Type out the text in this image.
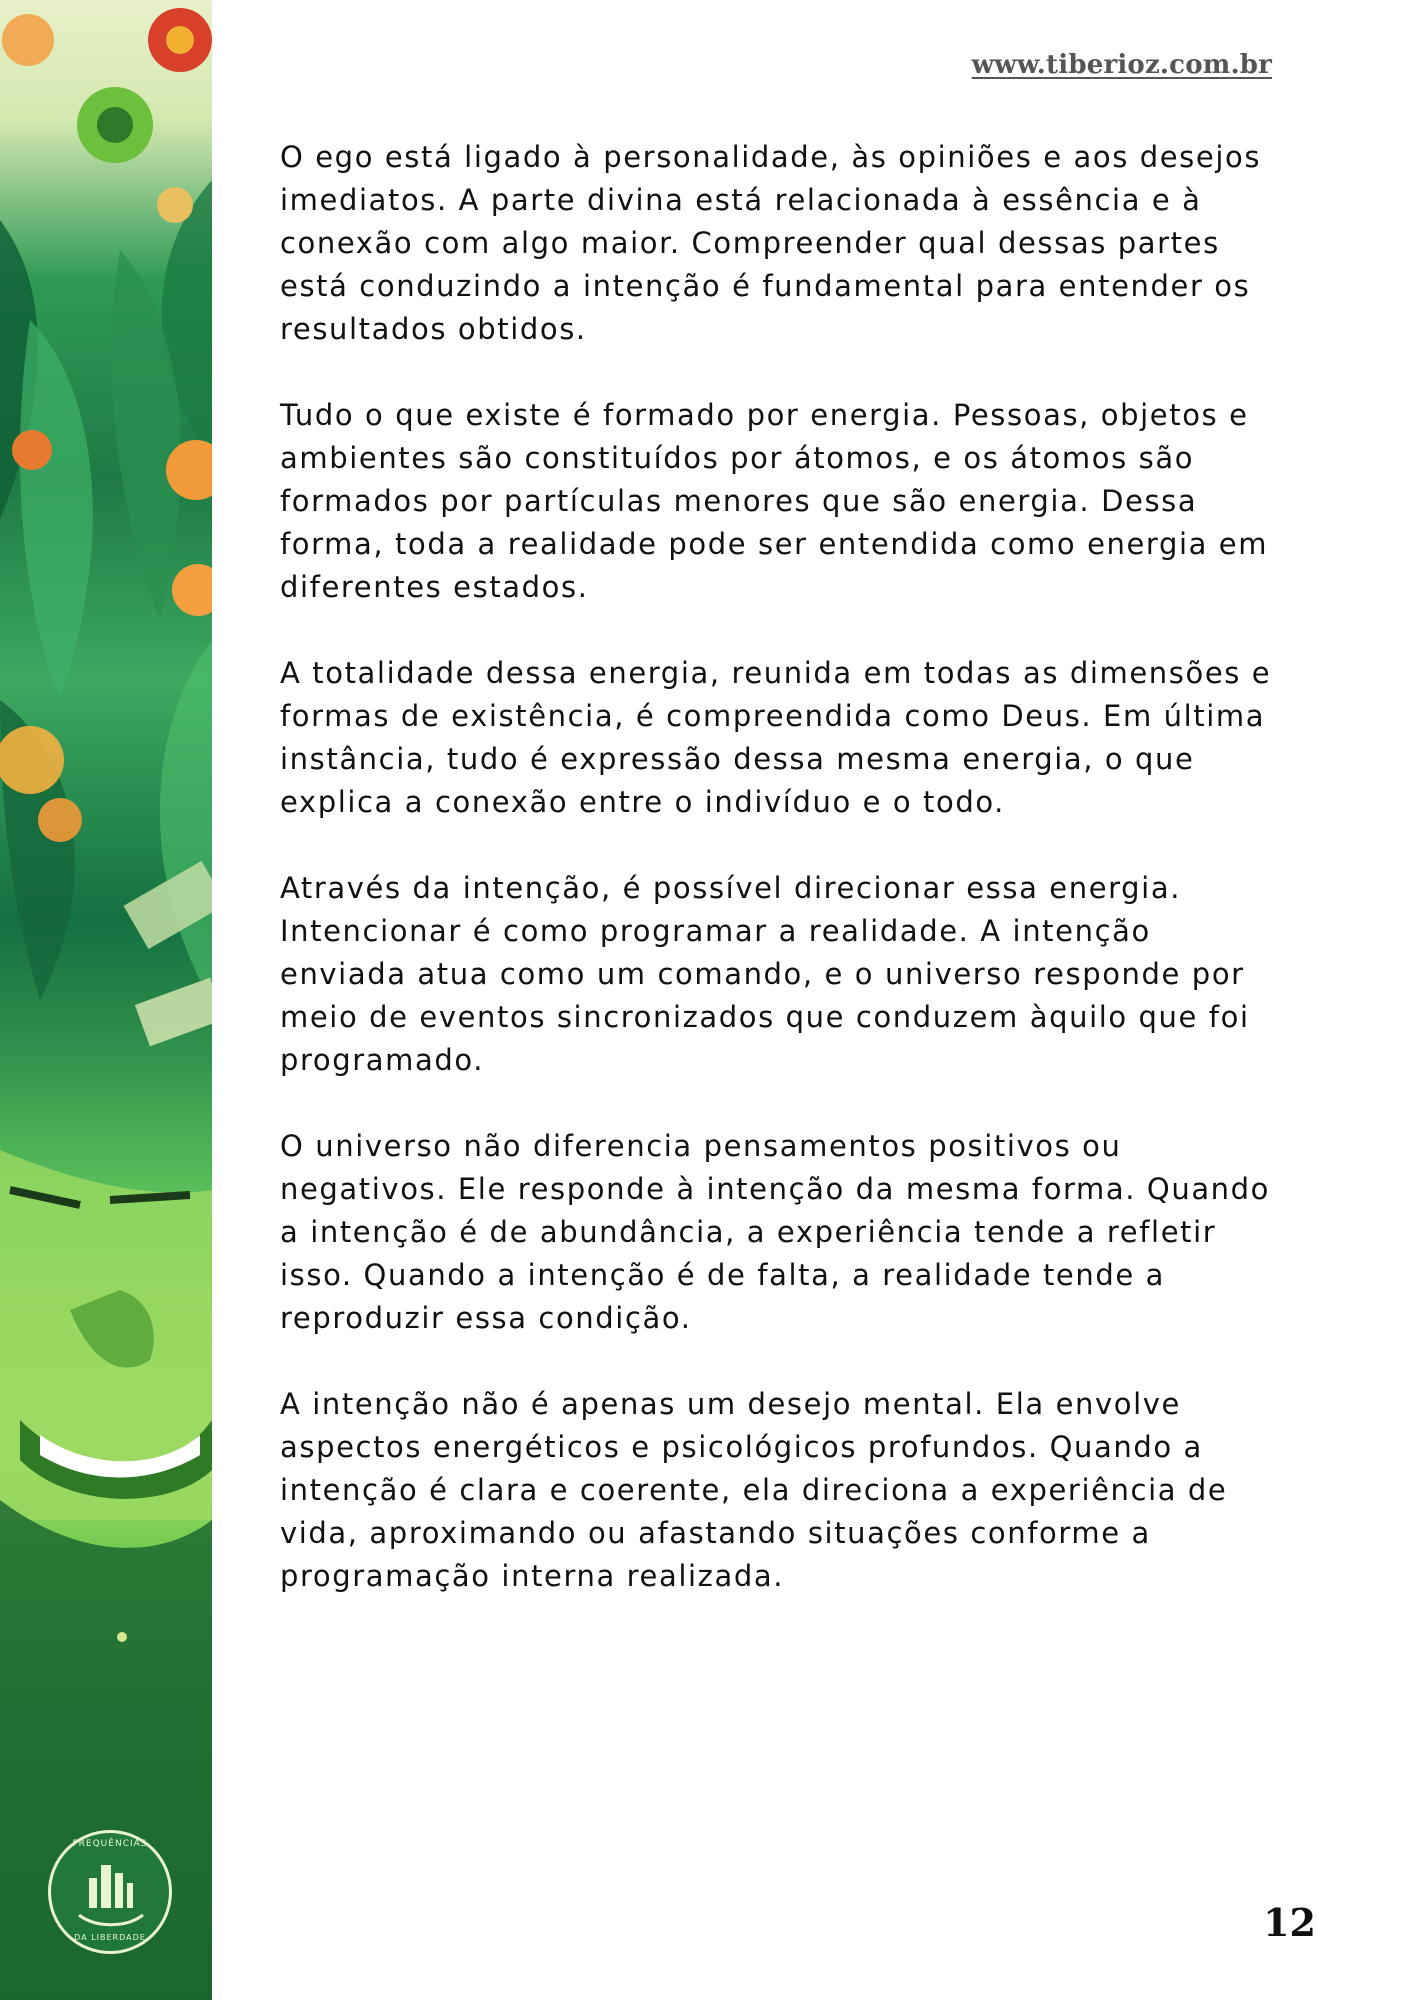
FREQUÊNCIAS
DA LIBERDADE
www.tiberioz.com.br

O ego está ligado à personalidade, às opiniões e aos desejos imediatos. A parte divina está relacionada à essência e à conexão com algo maior. Compreender qual dessas partes está conduzindo a intenção é fundamental para entender os resultados obtidos.

Tudo o que existe é formado por energia. Pessoas, objetos e ambientes são constituídos por átomos, e os átomos são formados por partículas menores que são energia. Dessa forma, toda a realidade pode ser entendida como energia em diferentes estados.

A totalidade dessa energia, reunida em todas as dimensões e formas de existência, é compreendida como Deus. Em última instância, tudo é expressão dessa mesma energia, o que explica a conexão entre o indivíduo e o todo.

Através da intenção, é possível direcionar essa energia. Intencionar é como programar a realidade. A intenção enviada atua como um comando, e o universo responde por meio de eventos sincronizados que conduzem àquilo que foi programado.

O universo não diferencia pensamentos positivos ou negativos. Ele responde à intenção da mesma forma. Quando a intenção é de abundância, a experiência tende a refletir isso. Quando a intenção é de falta, a realidade tende a reproduzir essa condição.

A intenção não é apenas um desejo mental. Ela envolve aspectos energéticos e psicológicos profundos. Quando a intenção é clara e coerente, ela direciona a experiência de vida, aproximando ou afastando situações conforme a programação interna realizada.

12
